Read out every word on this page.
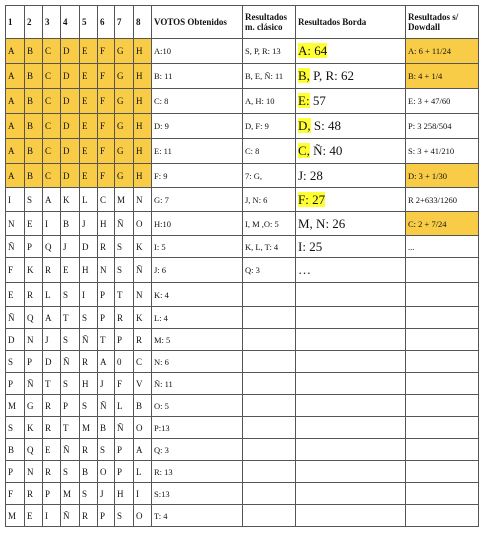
1	2	3	4	5	6	7	8	VOTOS Obtenidos	Resultados m. clásico	Resultados Borda	Resultados s/ Dowdall
A	B	C	D	E	F	G	H	A:10	S, P, R: 13	A: 64	A: 6 + 11/24
A	B	C	D	E	F	G	H	B: 11	B, E, Ñ: 11	B, P, R: 62	B: 4 + 1/4
A	B	C	D	E	F	G	H	C: 8	A, H: 10	E: 57	E: 3 + 47/60
A	B	C	D	E	F	G	H	D: 9	D, F: 9	D, S: 48	P: 3 258/504
A	B	C	D	E	F	G	H	E: 11	C: 8	C, Ñ: 40	S: 3 + 41/210
A	B	C	D	E	F	G	H	F: 9	7: G,	J: 28	D: 3 + 1/30
I	S	A	K	L	C	M	N	G: 7	J, N: 6	F: 27	R 2+633/1260
N	E	I	B	J	H	Ñ	O	H:10	I, M ,O: 5	M, N: 26	C: 2 + 7/24
Ñ	P	Q	J	D	R	S	K	I: 5	K, L, T: 4	I: 25	...
F	K	R	E	H	N	S	Ñ	J: 6	Q: 3	…	
E	R	L	S	I	P	T	N	K: 4			
Ñ	Q	A	T	S	P	R	K	L: 4			
D	N	J	S	Ñ	T	P	R	M: 5			
S	P	D	Ñ	R	A	0	C	N: 6			
P	Ñ	T	S	H	J	F	V	Ñ: 11			
M	G	R	P	S	Ñ	L	B	O: 5			
S	K	R	T	M	B	Ñ	O	P:13			
B	Q	E	Ñ	R	S	P	A	Q: 3			
P	N	R	S	B	O	P	L	R: 13			
F	R	P	M	S	J	H	I	S:13			
M	E	I	Ñ	R	P	S	O	T: 4			
